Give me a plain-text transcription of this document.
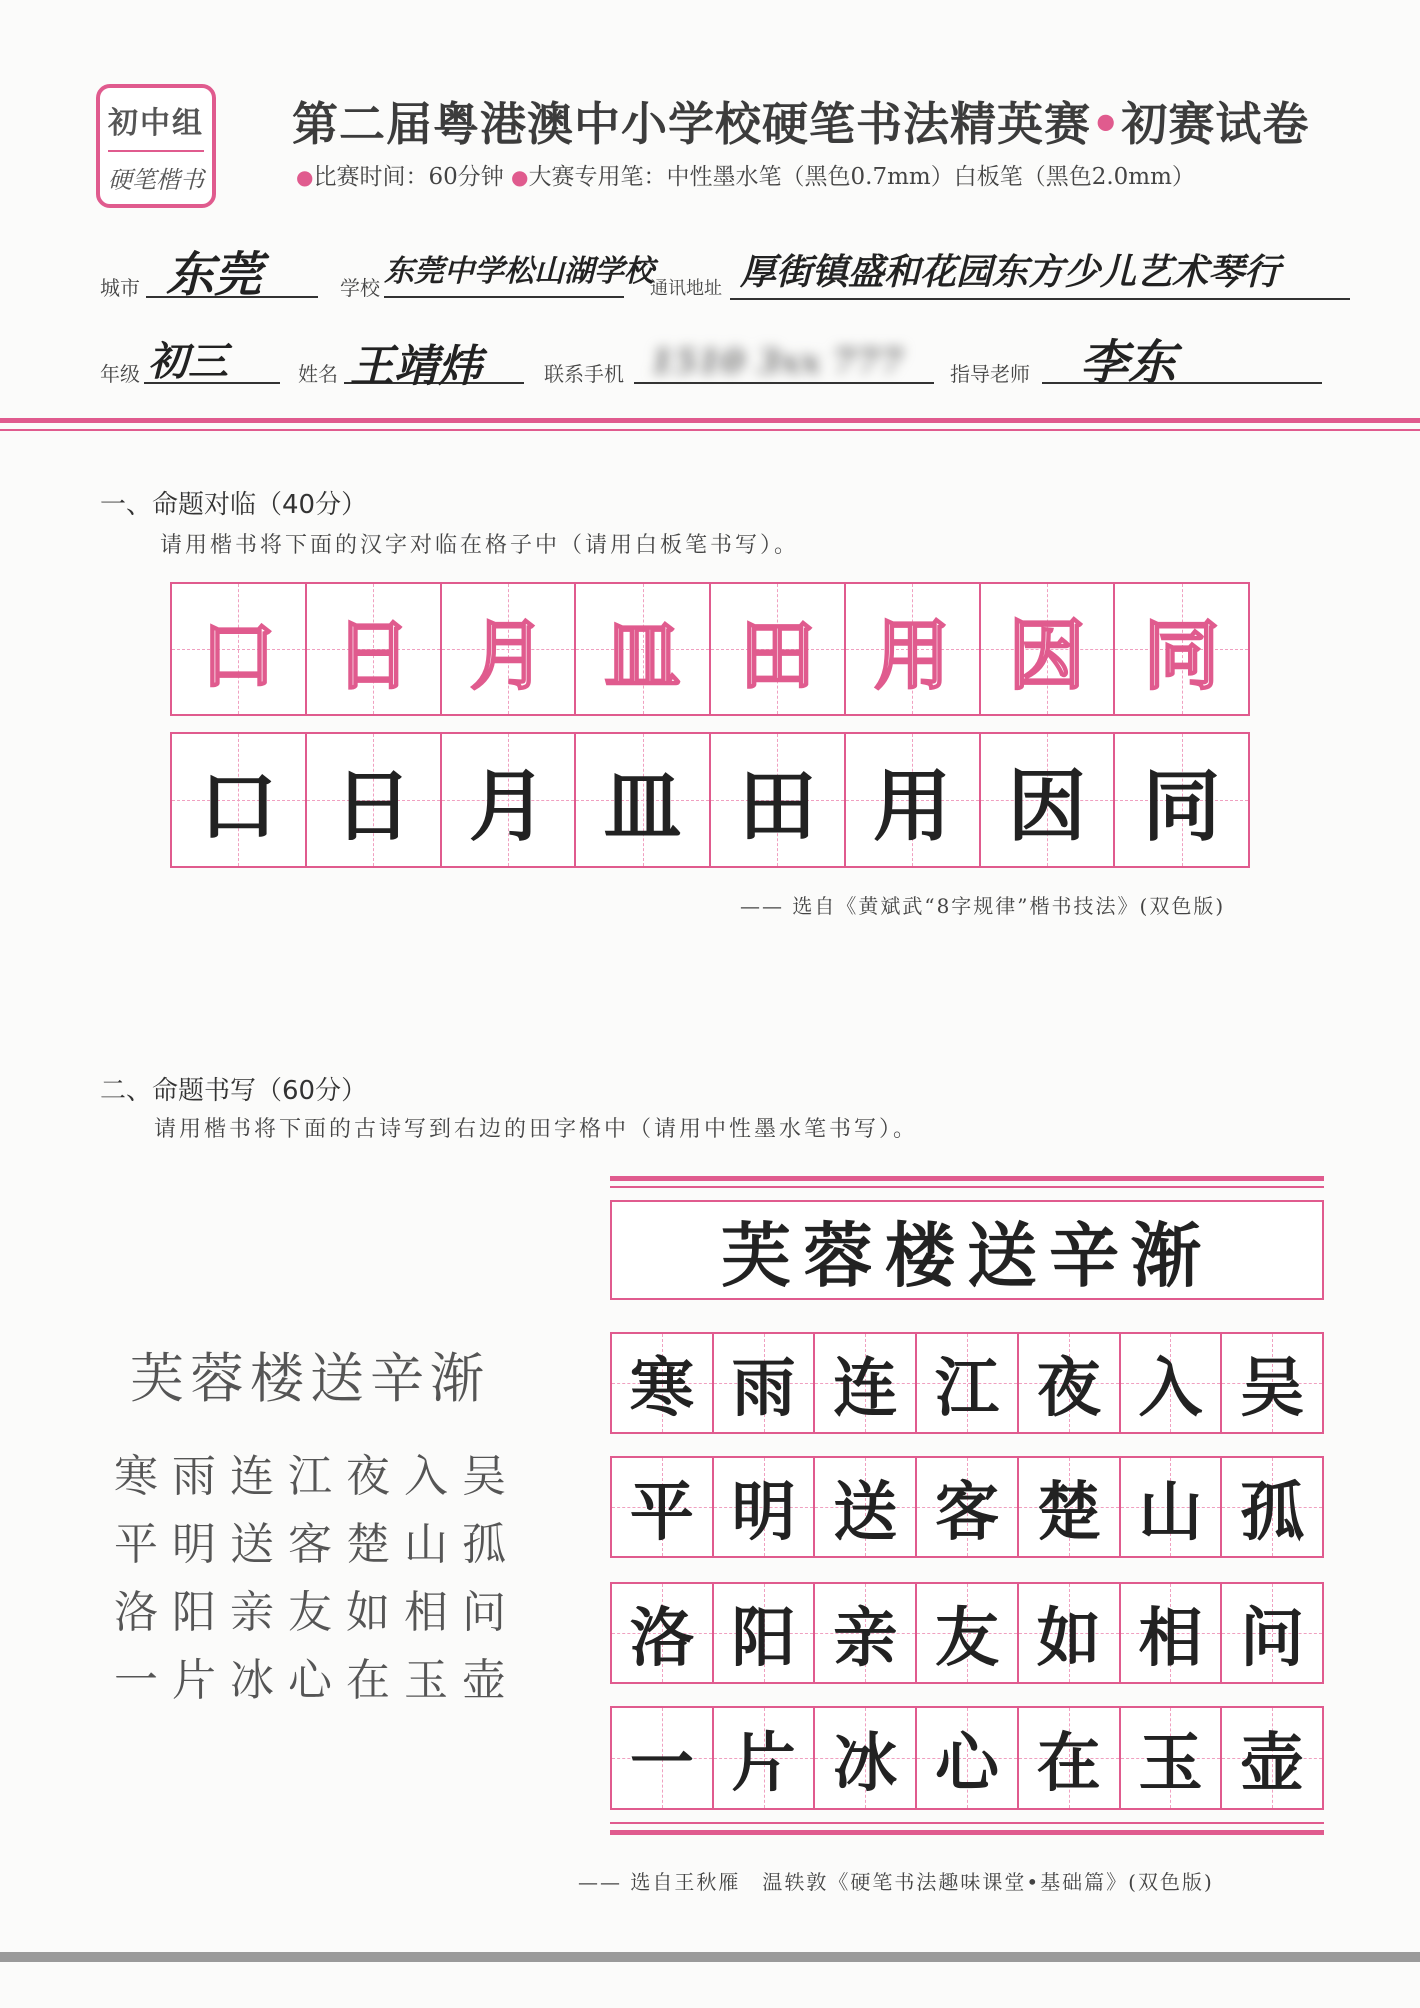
初中组
硬笔楷书
第二届粤港澳中小学校硬笔书法精英赛•初赛试卷
●比赛时间：60分钟 ●大赛专用笔：中性墨水笔（黑色0.7mm）白板笔（黑色2.0mm）
城市 东莞	学校 东莞中学松山湖学校
通讯地址 厚街镇盛和花园东方少儿艺术琴行
年级 初三	姓名 王靖炜	联系手机 1510 3xx 777 指导老师 李东
一、命题对临（40分）
请用楷书将下面的汉字对临在格子中（请用白板笔书写）。
口 日 月 皿 田 用 因 同
口 日 月 皿 田 用 因 同
—— 选自《黄斌武“8字规律”楷书技法》(双色版)
二、命题书写（60分）
请用楷书将下面的古诗写到右边的田字格中（请用中性墨水笔书写）。
芙蓉楼送辛渐
寒雨连江夜入吴
平明送客楚山孤
洛阳亲友如相问
一片冰心在玉壶
芙蓉楼送辛渐
寒 雨 连 江 夜 入 吴
平 明 送 客 楚 山 孤
洛 阳 亲 友 如 相 问
一 片 冰 心 在 玉 壶
—— 选自王秋雁　温轶敦《硬笔书法趣味课堂•基础篇》(双色版)
